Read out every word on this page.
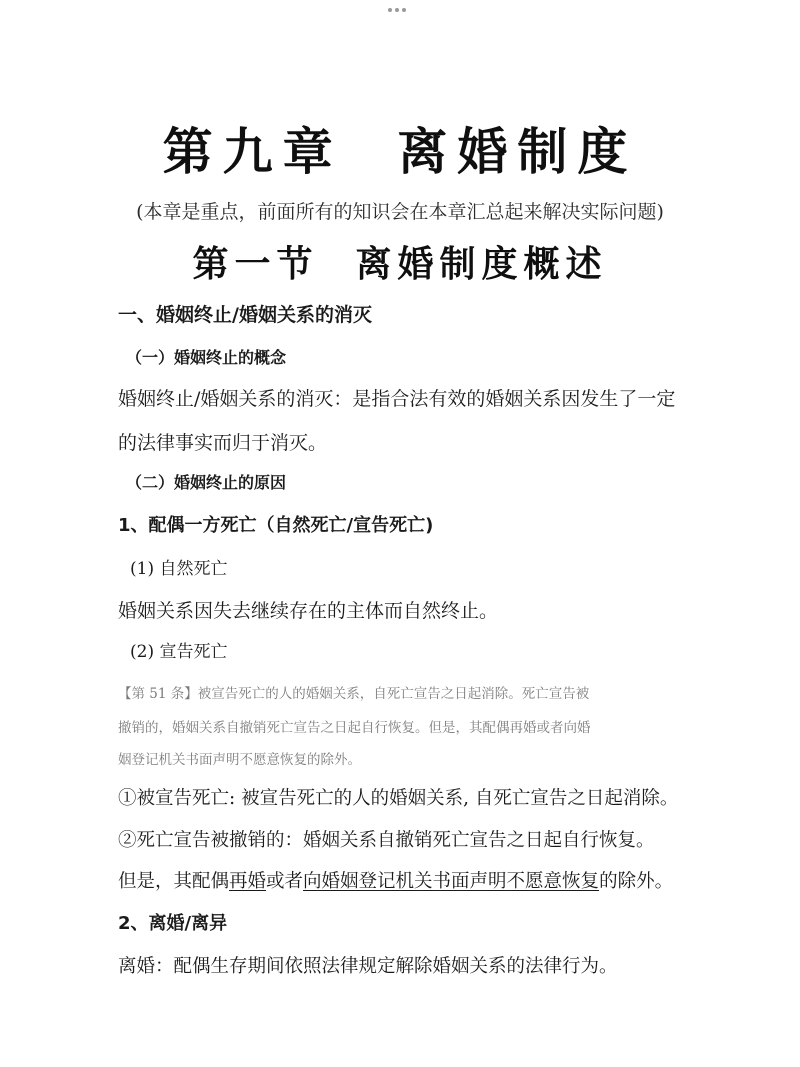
第九章  离婚制度
(本章是重点，前面所有的知识会在本章汇总起来解决实际问题)
第一节  离婚制度概述
一、婚姻终止/婚姻关系的消灭
（一）婚姻终止的概念
婚姻终止/婚姻关系的消灭：是指合法有效的婚姻关系因发生了一定
的法律事实而归于消灭。
（二）婚姻终止的原因
1、配偶一方死亡（自然死亡/宣告死亡)
(1) 自然死亡
婚姻关系因失去继续存在的主体而自然终止。
(2) 宣告死亡
【第 51 条】被宣告死亡的人的婚姻关系，自死亡宣告之日起消除。死亡宣告被
撤销的，婚姻关系自撤销死亡宣告之日起自行恢复。但是，其配偶再婚或者向婚
姻登记机关书面声明不愿意恢复的除外。
①被宣告死亡: 被宣告死亡的人的婚姻关系, 自死亡宣告之日起消除。
②死亡宣告被撤销的：婚姻关系自撤销死亡宣告之日起自行恢复。
但是，其配偶再婚或者向婚姻登记机关书面声明不愿意恢复的除外。
2、离婚/离异
离婚：配偶生存期间依照法律规定解除婚姻关系的法律行为。
